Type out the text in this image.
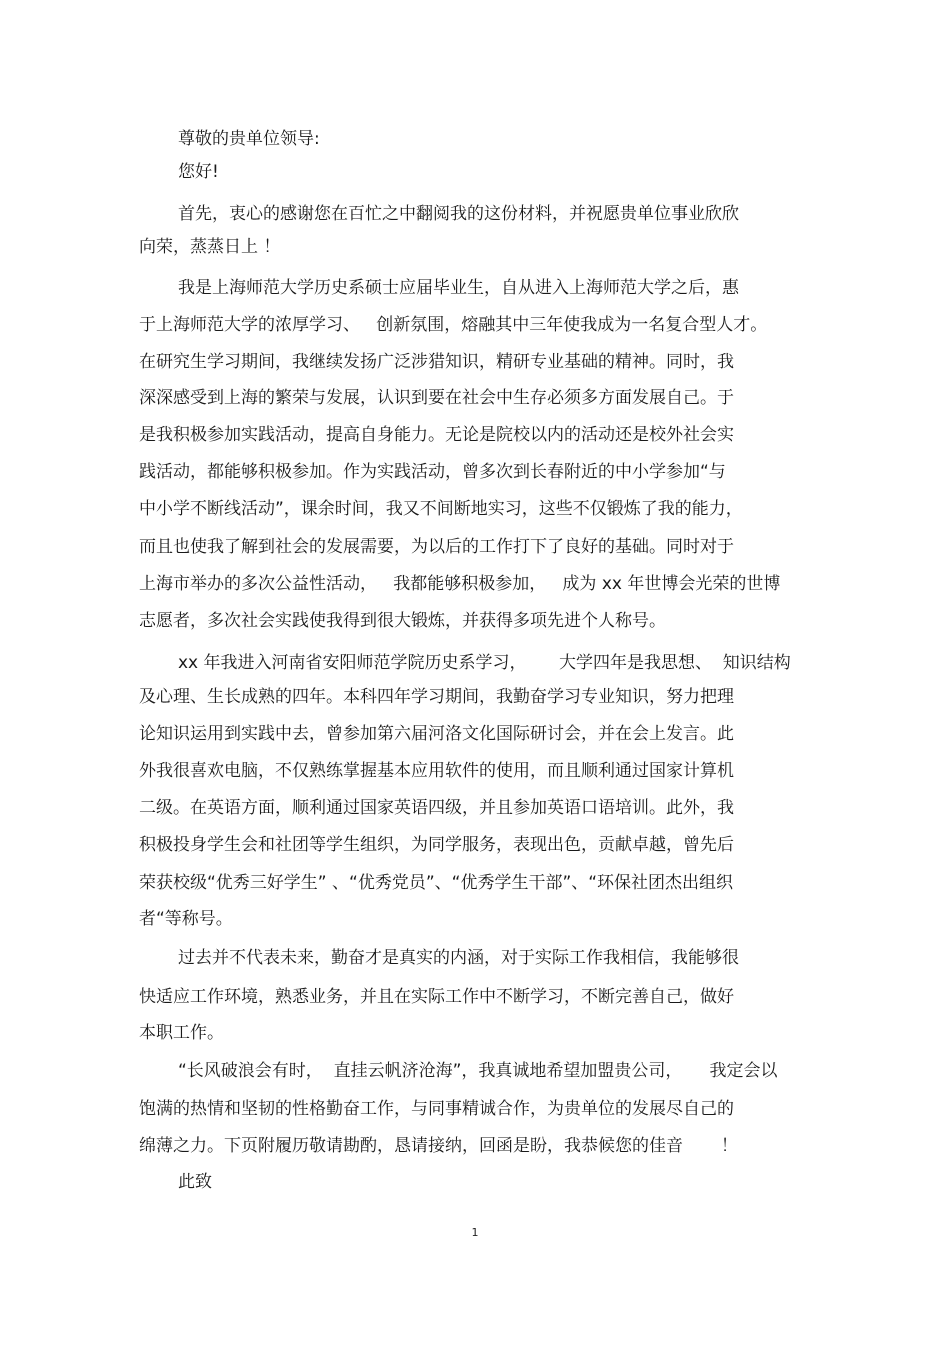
尊敬的贵单位领导:
您好!
首先，衷心的感谢您在百忙之中翻阅我的这份材料，并祝愿贵单位事业欣欣
向荣，蒸蒸日上 ！
我是上海师范大学历史系硕士应届毕业生，自从进入上海师范大学之后，惠
于上海师范大学的浓厚学习、   创新氛围，熔融其中三年使我成为一名复合型人才。
在研究生学习期间，我继续发扬广泛涉猎知识，精研专业基础的精神。同时，我
深深感受到上海的繁荣与发展，认识到要在社会中生存必须多方面发展自己。于
是我积极参加实践活动，提高自身能力。无论是院校以内的活动还是校外社会实
践活动，都能够积极参加。作为实践活动，曾多次到长春附近的中小学参加“与
中小学不断线活动”，课余时间，我又不间断地实习，这些不仅锻炼了我的能力，
而且也使我了解到社会的发展需要，为以后的工作打下了良好的基础。同时对于
上海市举办的多次公益性活动，   我都能够积极参加，   成为 xx 年世博会光荣的世博
志愿者，多次社会实践使我得到很大锻炼，并获得多项先进个人称号。
xx 年我进入河南省安阳师范学院历史系学习，      大学四年是我思想、  知识结构
及心理、生长成熟的四年。本科四年学习期间，我勤奋学习专业知识，努力把理
论知识运用到实践中去，曾参加第六届河洛文化国际研讨会，并在会上发言。此
外我很喜欢电脑，不仅熟练掌握基本应用软件的使用，而且顺利通过国家计算机
二级。在英语方面，顺利通过国家英语四级，并且参加英语口语培训。此外，我
积极投身学生会和社团等学生组织，为同学服务，表现出色，贡献卓越，曾先后
荣获校级“优秀三好学生” 、“优秀党员”、“优秀学生干部”、“环保社团杰出组织
者“等称号。
过去并不代表未来，勤奋才是真实的内涵，对于实际工作我相信，我能够很
快适应工作环境，熟悉业务，并且在实际工作中不断学习，不断完善自己，做好
本职工作。
“长风破浪会有时，  直挂云帆济沧海”，我真诚地希望加盟贵公司，     我定会以
饱满的热情和坚韧的性格勤奋工作，与同事精诚合作，为贵单位的发展尽自己的
绵薄之力。下页附履历敬请勘酌，恳请接纳，回函是盼，我恭候您的佳音       ！
此致
1
